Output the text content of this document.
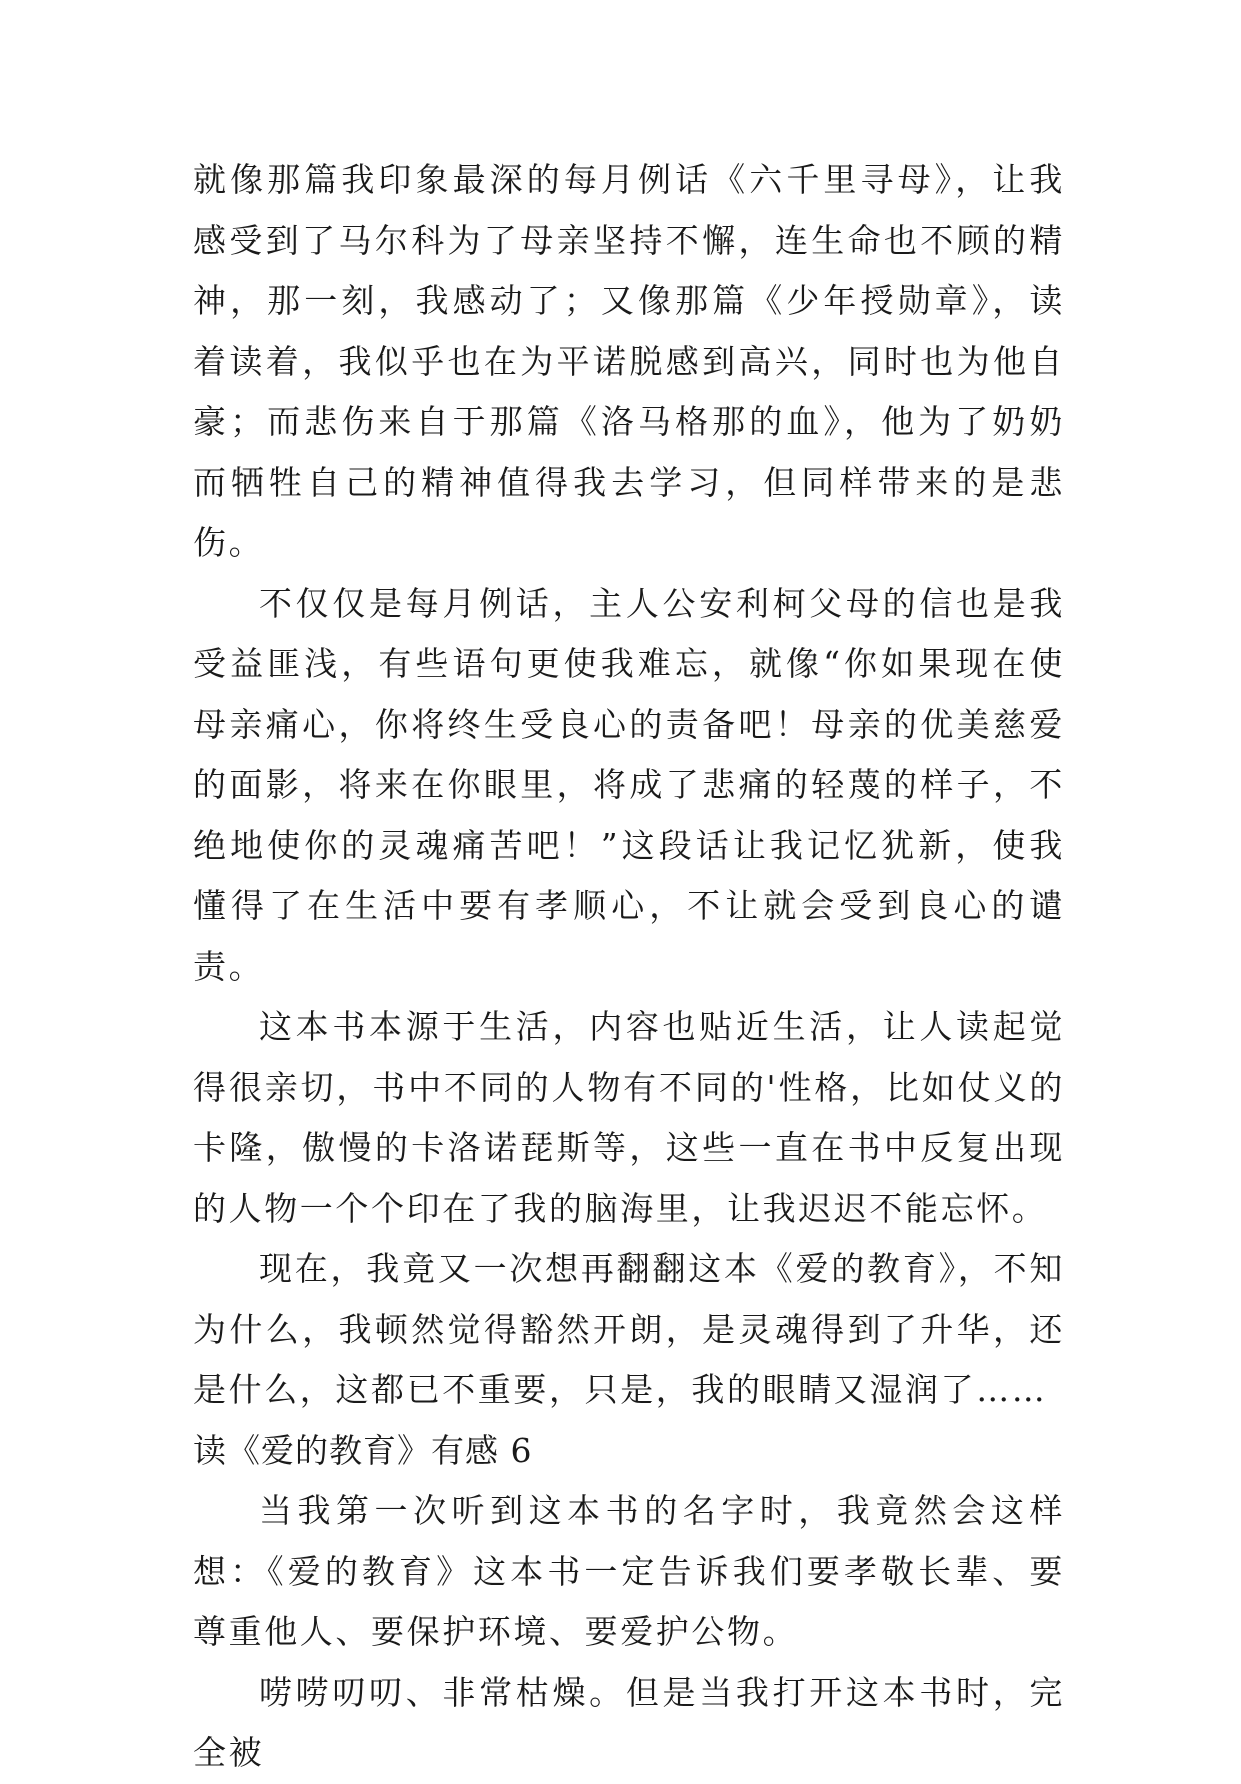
就像那篇我印象最深的每月例话《六千里寻母》，让我感受到了马尔科为了母亲坚持不懈，连生命也不顾的精神，那一刻，我感动了；又像那篇《少年授勋章》，读着读着，我似乎也在为平诺脱感到高兴，同时也为他自豪；而悲伤来自于那篇《洛马格那的血》，他为了奶奶而牺牲自己的精神值得我去学习，但同样带来的是悲伤。

不仅仅是每月例话，主人公安利柯父母的信也是我受益匪浅，有些语句更使我难忘，就像“你如果现在使母亲痛心，你将终生受良心的责备吧！母亲的优美慈爱的面影，将来在你眼里，将成了悲痛的轻蔑的样子，不绝地使你的灵魂痛苦吧！”这段话让我记忆犹新，使我懂得了在生活中要有孝顺心，不让就会受到良心的谴责。

这本书本源于生活，内容也贴近生活，让人读起觉得很亲切，书中不同的人物有不同的'性格，比如仗义的卡隆，傲慢的卡洛诺琵斯等，这些一直在书中反复出现的人物一个个印在了我的脑海里，让我迟迟不能忘怀。

现在，我竟又一次想再翻翻这本《爱的教育》，不知为什么，我顿然觉得豁然开朗，是灵魂得到了升华，还是什么，这都已不重要，只是，我的眼睛又湿润了……

读《爱的教育》有感 6

当我第一次听到这本书的名字时，我竟然会这样想：《爱的教育》这本书一定告诉我们要孝敬长辈、要尊重他人、要保护环境、要爱护公物。

唠唠叨叨、非常枯燥。但是当我打开这本书时，完全被
